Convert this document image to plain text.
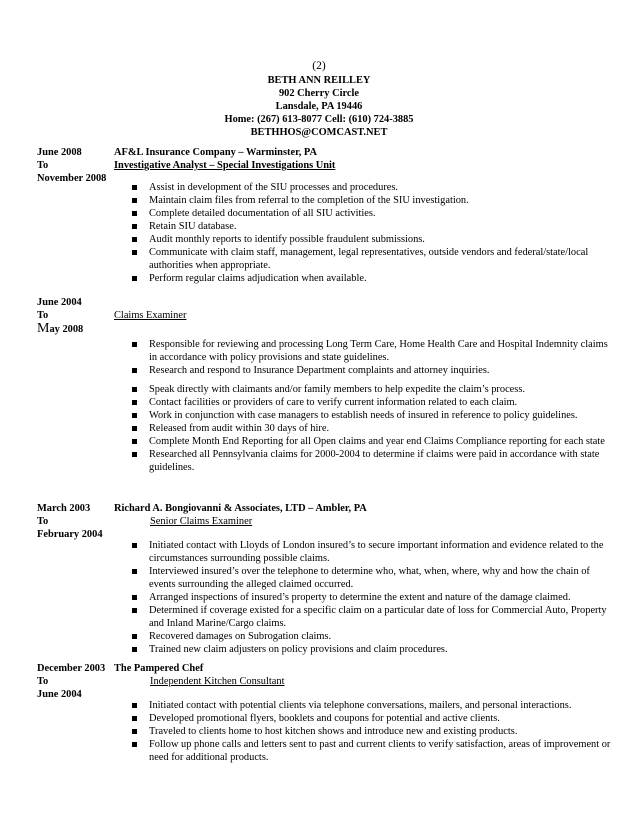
(2)
BETH ANN REILLEY
902 Cherry Circle
Lansdale, PA 19446
Home: (267) 613-8077 Cell: (610) 724-3885
BETHHOS@COMCAST.NET
June 2008
To
November 2008
AF&L Insurance Company – Warminster, PA
Investigative Analyst – Special Investigations Unit
Assist in development of the SIU processes and procedures.
Maintain claim files from referral to the completion of the SIU investigation.
Complete detailed documentation of all SIU activities.
Retain SIU database.
Audit monthly reports to identify possible fraudulent submissions.
Communicate with claim staff, management, legal representatives, outside vendors and federal/state/local authorities when appropriate.
Perform regular claims adjudication when available.
June 2004
To
May 2008
Claims Examiner
Responsible for reviewing and processing Long Term Care, Home Health Care and Hospital Indemnity claims in accordance with policy provisions and state guidelines.
Research and respond to Insurance Department complaints and attorney inquiries.
Speak directly with claimants and/or family members to help expedite the claim’s process.
Contact facilities or providers of care to verify current information related to each claim.
Work in conjunction with case managers to establish needs of insured in reference to policy guidelines.
Released from audit within 30 days of hire.
Complete Month End Reporting for all Open claims and year end Claims Compliance reporting for each state
Researched all Pennsylvania claims for 2000-2004 to determine if claims were paid in accordance with state guidelines.
March 2003
To
February 2004
Richard A. Bongiovanni & Associates, LTD – Ambler, PA
Senior Claims Examiner
Initiated contact with Lloyds of London insured’s to secure important information and evidence related to the circumstances surrounding possible claims.
Interviewed insured’s over the telephone to determine who, what, when, where, why and how the chain of events surrounding the alleged claimed occurred.
Arranged inspections of insured’s property to determine the extent and nature of the damage claimed.
Determined if coverage existed for a specific claim on a particular date of loss for Commercial Auto, Property and Inland Marine/Cargo claims.
Recovered damages on Subrogation claims.
Trained new claim adjusters on policy provisions and claim procedures.
December 2003
To
June 2004
The Pampered Chef
Independent Kitchen Consultant
Initiated contact with potential clients via telephone conversations, mailers, and personal interactions.
Developed promotional flyers, booklets and coupons for potential and active clients.
Traveled to clients home to host kitchen shows and introduce new and existing products.
Follow up phone calls and letters sent to past and current clients to verify satisfaction, areas of improvement or need for additional products.
